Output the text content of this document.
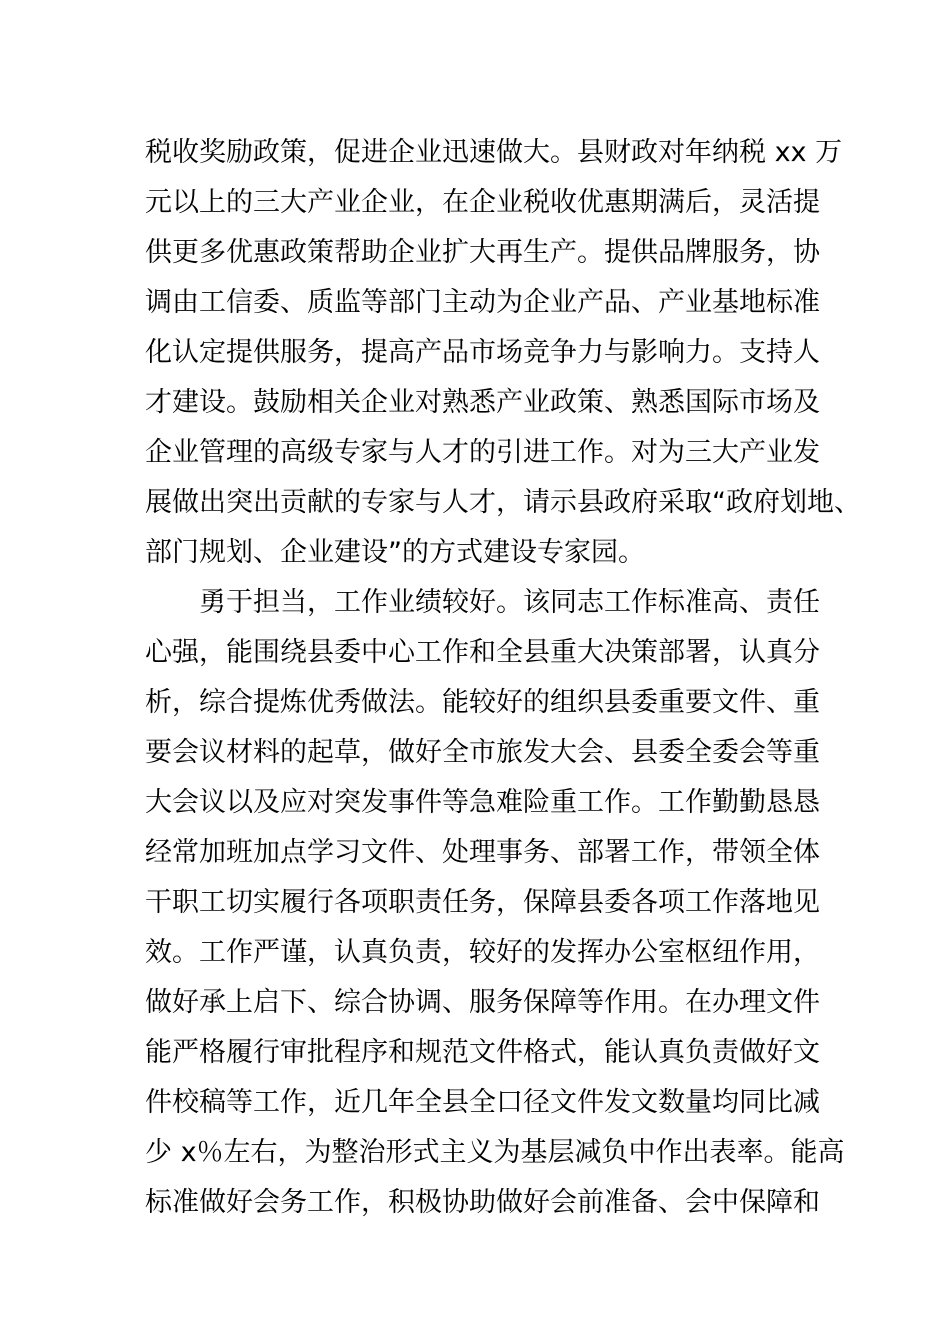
税收奖励政策，促进企业迅速做大。县财政对年纳税 xx 万
元以上的三大产业企业，在企业税收优惠期满后，灵活提
供更多优惠政策帮助企业扩大再生产。提供品牌服务，协
调由工信委、质监等部门主动为企业产品、产业基地标准
化认定提供服务，提高产品市场竞争力与影响力。支持人
才建设。鼓励相关企业对熟悉产业政策、熟悉国际市场及
企业管理的高级专家与人才的引进工作。对为三大产业发
展做出突出贡献的专家与人才，请示县政府采取“政府划地、
部门规划、企业建设”的方式建设专家园。
勇于担当，工作业绩较好。该同志工作标准高、责任
心强，能围绕县委中心工作和全县重大决策部署，认真分
析，综合提炼优秀做法。能较好的组织县委重要文件、重
要会议材料的起草，做好全市旅发大会、县委全委会等重
大会议以及应对突发事件等急难险重工作。工作勤勤恳恳
经常加班加点学习文件、处理事务、部署工作，带领全体
干职工切实履行各项职责任务，保障县委各项工作落地见
效。工作严谨，认真负责，较好的发挥办公室枢纽作用，
做好承上启下、综合协调、服务保障等作用。在办理文件
能严格履行审批程序和规范文件格式，能认真负责做好文
件校稿等工作，近几年全县全口径文件发文数量均同比减
少 x％左右，为整治形式主义为基层减负中作出表率。能高
标准做好会务工作，积极协助做好会前准备、会中保障和
